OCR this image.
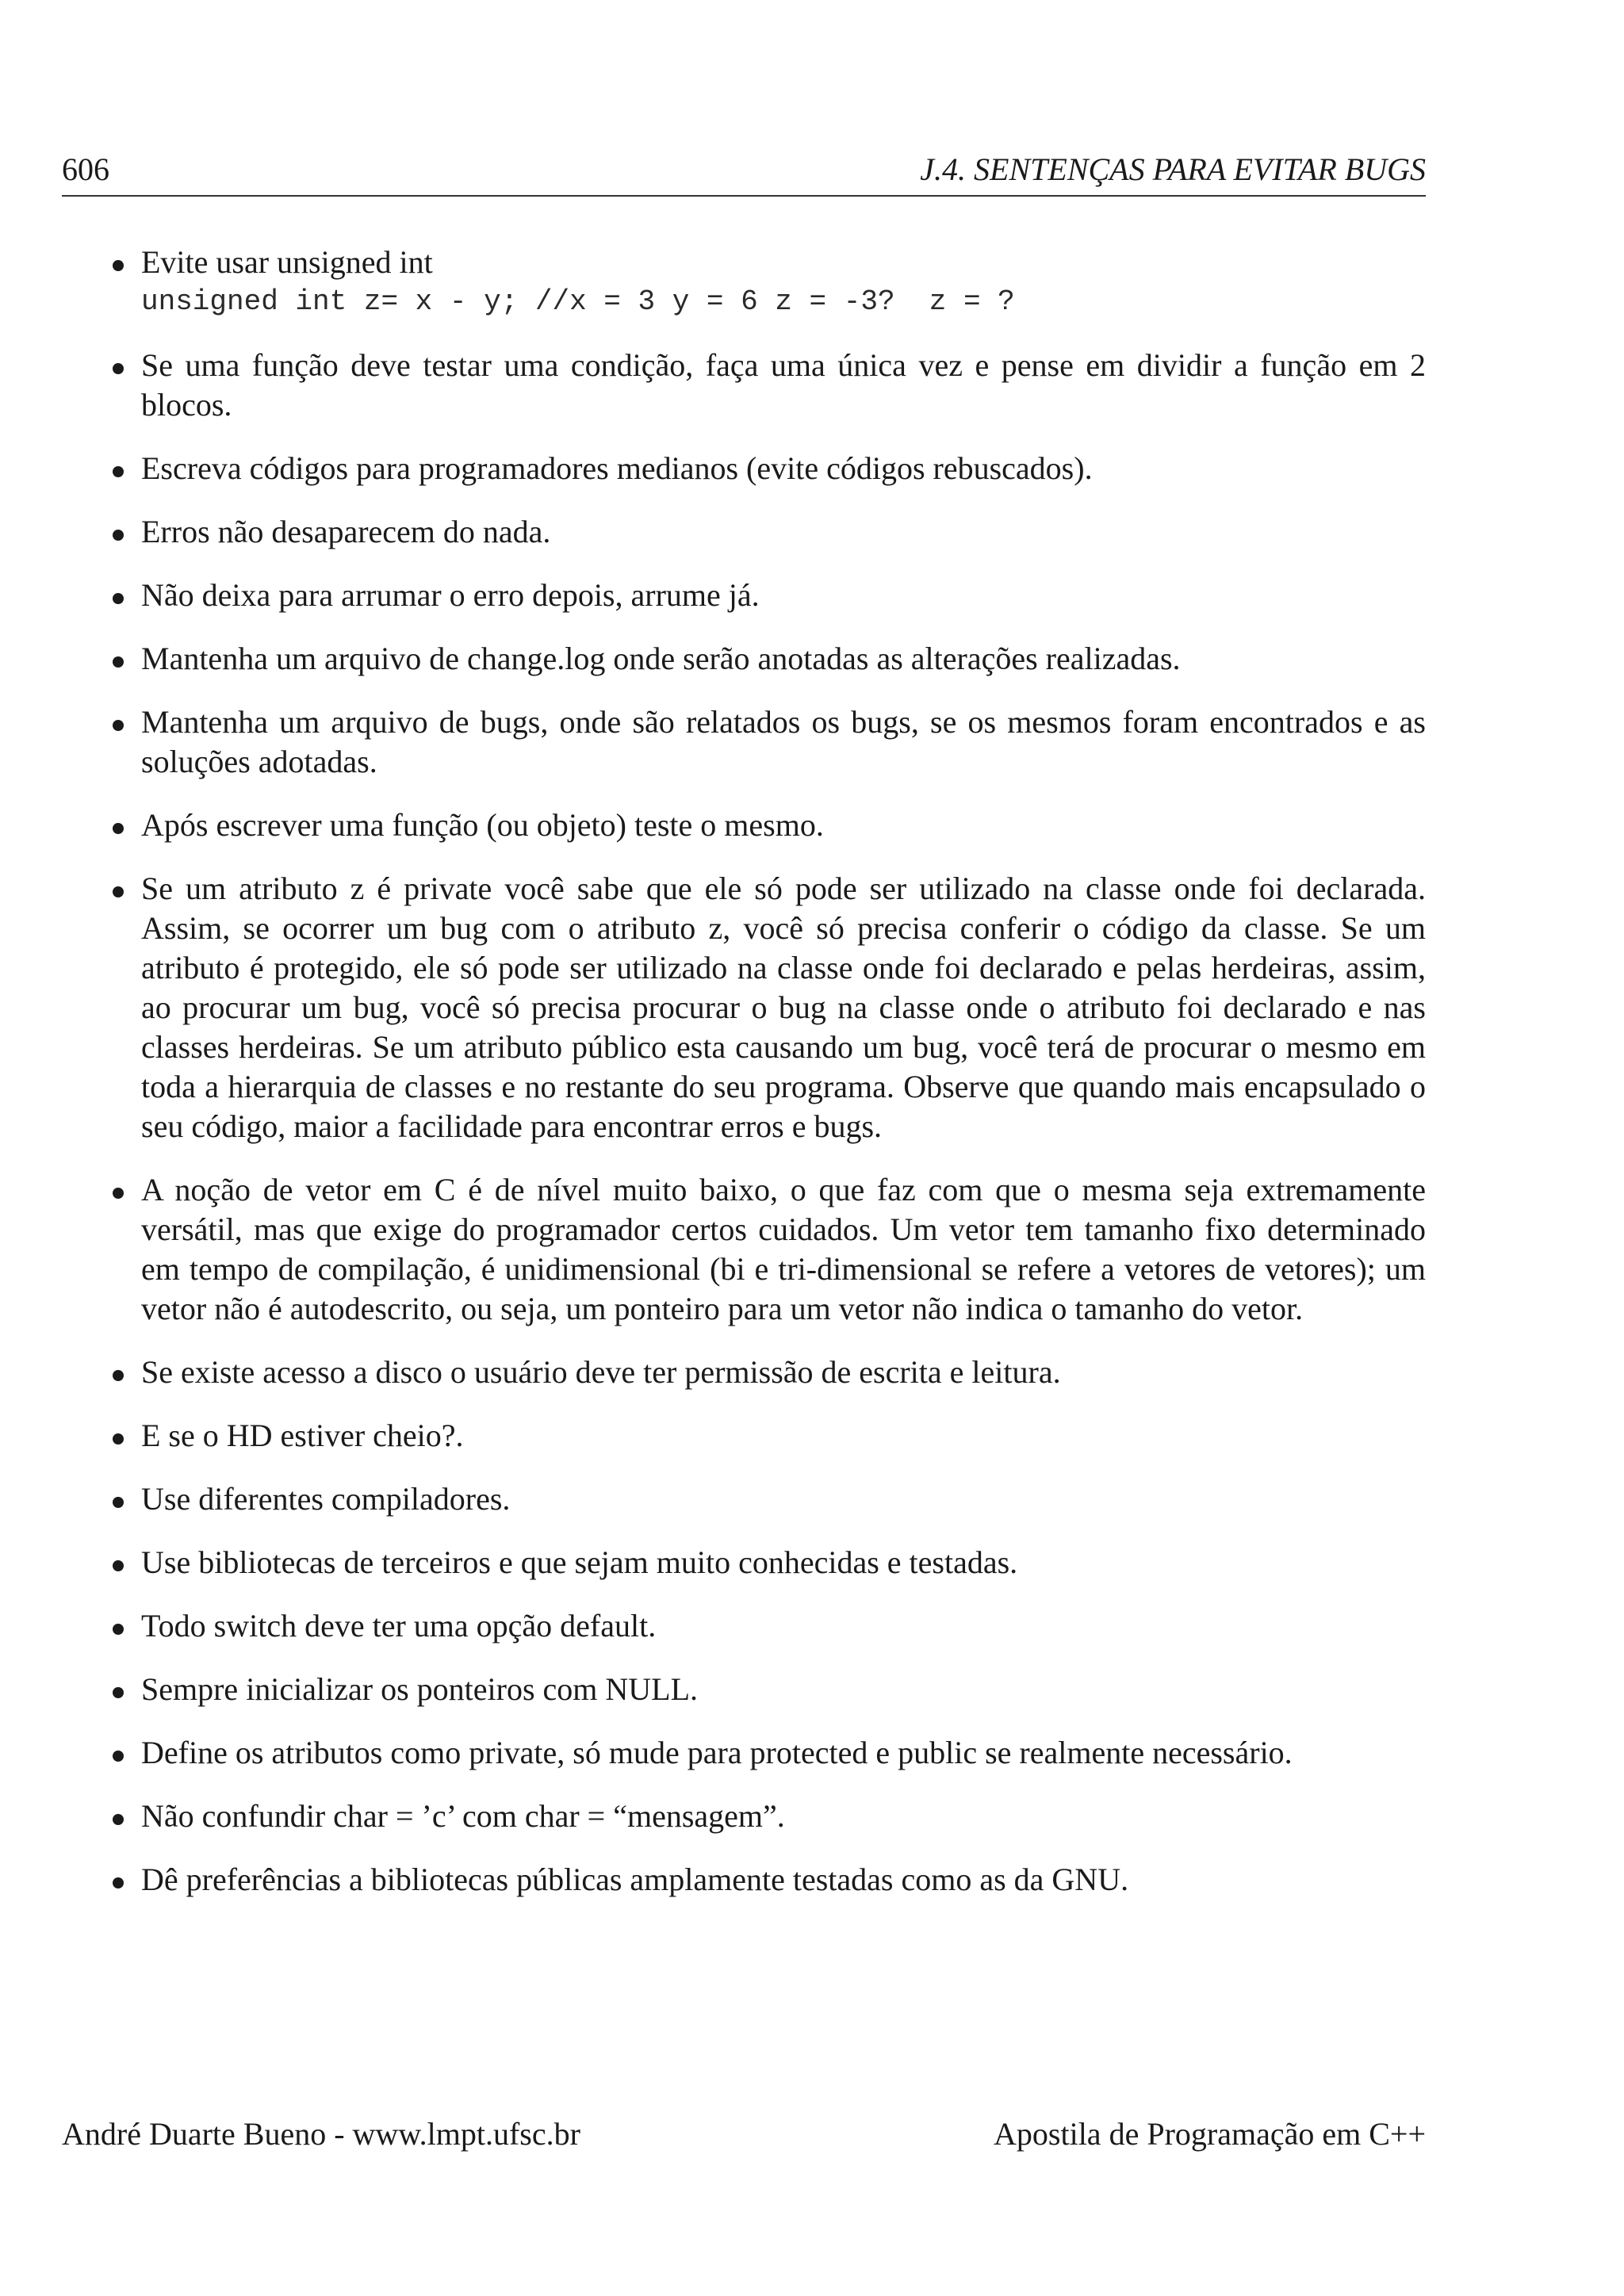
606	J.4. SENTENÇAS PARA EVITAR BUGS
Evite usar unsigned int
unsigned int z= x - y; //x = 3 y = 6 z = -3?  z = ?
Se uma função deve testar uma condição, faça uma única vez e pense em dividir a função em 2 blocos.
Escreva códigos para programadores medianos (evite códigos rebuscados).
Erros não desaparecem do nada.
Não deixa para arrumar o erro depois, arrume já.
Mantenha um arquivo de change.log onde serão anotadas as alterações realizadas.
Mantenha um arquivo de bugs, onde são relatados os bugs, se os mesmos foram encontrados e as soluções adotadas.
Após escrever uma função (ou objeto) teste o mesmo.
Se um atributo z é private você sabe que ele só pode ser utilizado na classe onde foi declarada. Assim, se ocorrer um bug com o atributo z, você só precisa conferir o código da classe. Se um atributo é protegido, ele só pode ser utilizado na classe onde foi declarado e pelas herdeiras, assim, ao procurar um bug, você só precisa procurar o bug na classe onde o atributo foi declarado e nas classes herdeiras. Se um atributo público esta causando um bug, você terá de procurar o mesmo em toda a hierarquia de classes e no restante do seu programa. Observe que quando mais encapsulado o seu código, maior a facilidade para encontrar erros e bugs.
A noção de vetor em C é de nível muito baixo, o que faz com que o mesma seja extremamente versátil, mas que exige do programador certos cuidados. Um vetor tem tamanho fixo determinado em tempo de compilação, é unidimensional (bi e tri-dimensional se refere a vetores de vetores); um vetor não é autodescrito, ou seja, um ponteiro para um vetor não indica o tamanho do vetor.
Se existe acesso a disco o usuário deve ter permissão de escrita e leitura.
E se o HD estiver cheio?.
Use diferentes compiladores.
Use bibliotecas de terceiros e que sejam muito conhecidas e testadas.
Todo switch deve ter uma opção default.
Sempre inicializar os ponteiros com NULL.
Define os atributos como private, só mude para protected e public se realmente necessário.
Não confundir char = ’c’ com char = “mensagem”.
Dê preferências a bibliotecas públicas amplamente testadas como as da GNU.
André Duarte Bueno - www.lmpt.ufsc.br	Apostila de Programação em C++
